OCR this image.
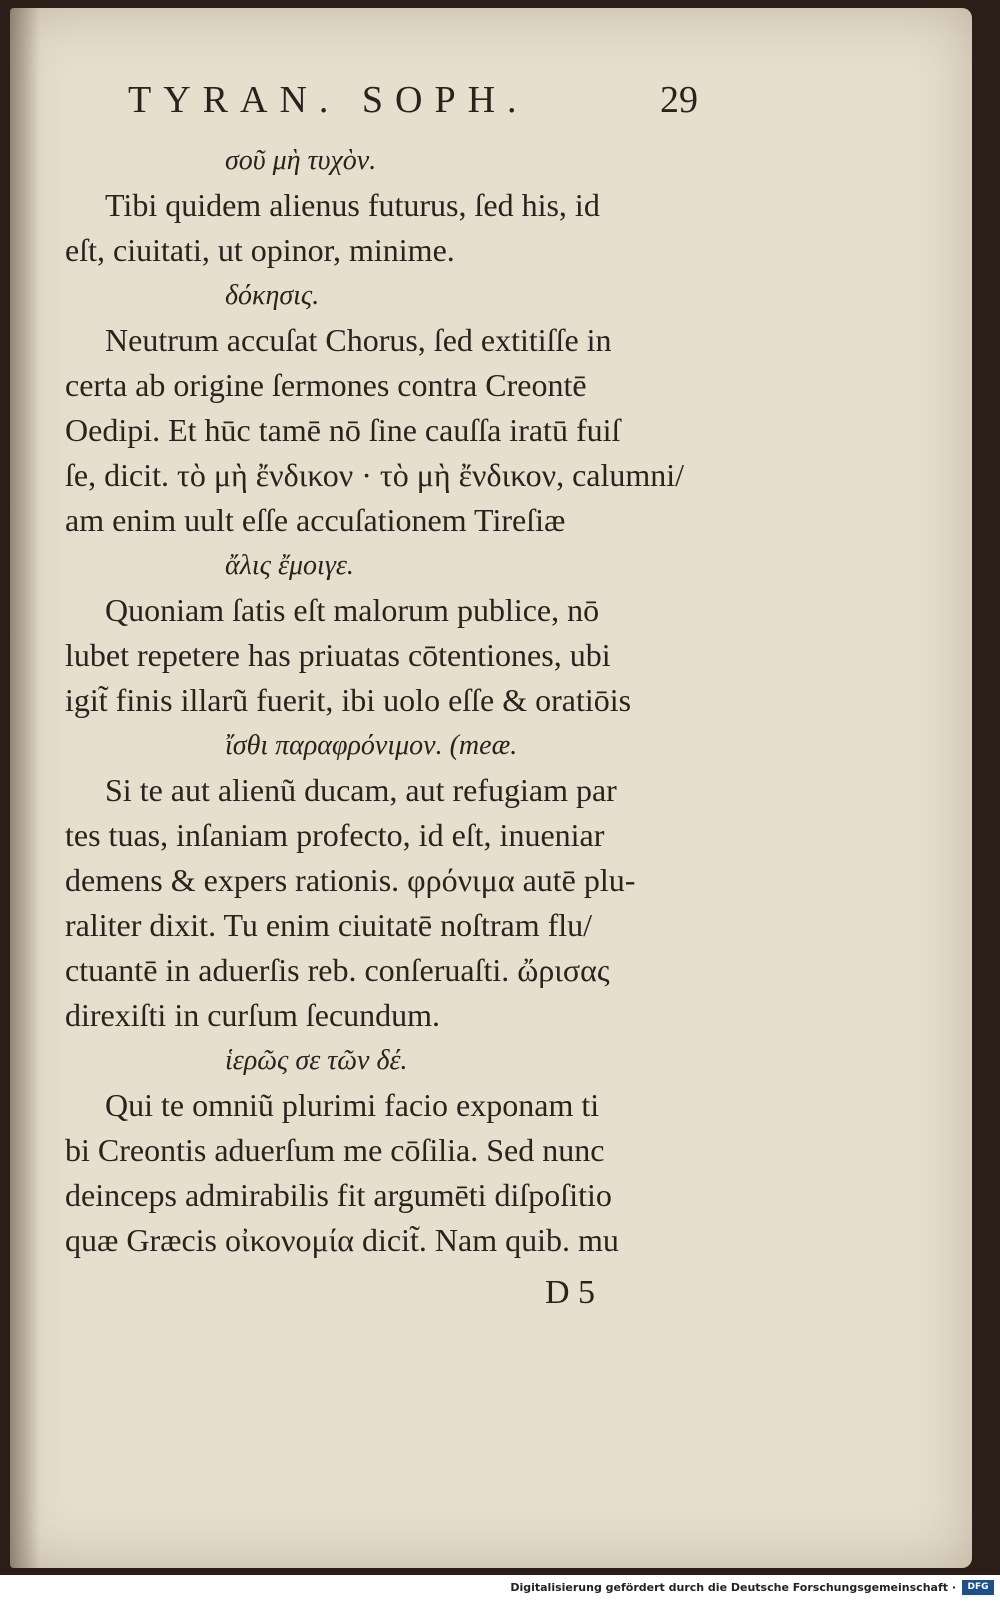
TYRAN. SOPH.	29
σοῦ μὴ τυχὸν.
Tibi quidem alienus futurus, ſed his, id
eſt, ciuitati, ut opinor, minime.
δόκησις.
Neutrum accuſat Chorus, ſed extitiſſe in
certa ab origine ſermones contra Creontē
Oedipi. Et hūc tamē nō ſine cauſſa iratū fuiſ
ſe, dicit. τὸ μὴ ἔνδικον · τὸ μὴ ἔνδικον, calumni/
am enim uult eſſe accuſationem Tireſiæ
ἄλις ἔμοιγε.
Quoniam ſatis eſt malorum publice, nō
lubet repetere has priuatas cōtentiones, ubi
igit̃ finis illarũ fuerit, ibi uolo eſſe & oratiōis
ἴσθι παραφρόνιμον. (meæ.
Si te aut alienũ ducam, aut refugiam par
tes tuas, inſaniam profecto, id eſt, inueniar
demens & expers rationis. φρόνιμα autē plu-
raliter dixit. Tu enim ciuitatē noſtram flu/
ctuantē in aduerſis reb. conſeruaſti. ὤρισας
direxiſti in curſum ſecundum.
ἱερῶς σε τῶν δέ.
Qui te omniũ plurimi facio exponam ti
bi Creontis aduerſum me cōſilia. Sed nunc
deinceps admirabilis fit argumēti diſpoſitio
quæ Græcis οἰκονομία dicit̃. Nam quib. mu
D 5
Digitalisierung gefördert durch die Deutsche Forschungsgemeinschaft ·	DFG
